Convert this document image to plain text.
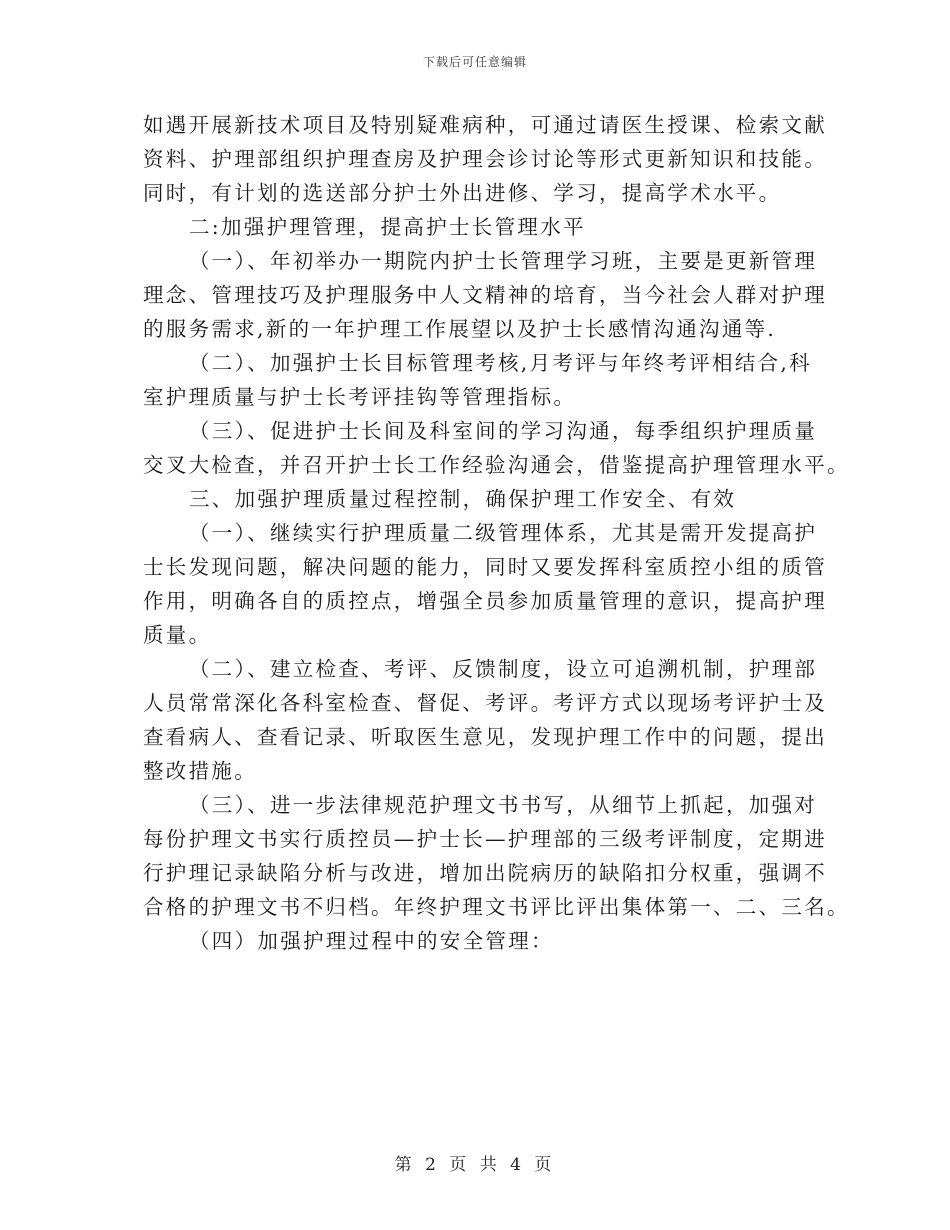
下载后可任意编辑
如遇开展新技术项目及特别疑难病种，可通过请医生授课、检索文献
资料、护理部组织护理查房及护理会诊讨论等形式更新知识和技能。
同时，有计划的选送部分护士外出进修、学习，提高学术水平。
二:加强护理管理，提高护士长管理水平
（一）、年初举办一期院内护士长管理学习班，主要是更新管理
理念、管理技巧及护理服务中人文精神的培育，当今社会人群对护理
的服务需求,新的一年护理工作展望以及护士长感情沟通沟通等.
（二）、加强护士长目标管理考核,月考评与年终考评相结合,科
室护理质量与护士长考评挂钩等管理指标。
（三）、促进护士长间及科室间的学习沟通，每季组织护理质量
交叉大检查，并召开护士长工作经验沟通会，借鉴提高护理管理水平。
三、加强护理质量过程控制，确保护理工作安全、有效
（一）、继续实行护理质量二级管理体系，尤其是需开发提高护
士长发现问题，解决问题的能力，同时又要发挥科室质控小组的质管
作用，明确各自的质控点，增强全员参加质量管理的意识，提高护理
质量。
（二）、建立检查、考评、反馈制度，设立可追溯机制，护理部
人员常常深化各科室检查、督促、考评。考评方式以现场考评护士及
查看病人、查看记录、听取医生意见，发现护理工作中的问题，提出
整改措施。
（三）、进一步法律规范护理文书书写，从细节上抓起，加强对
每份护理文书实行质控员—护士长—护理部的三级考评制度，定期进
行护理记录缺陷分析与改进，增加出院病历的缺陷扣分权重，强调不
合格的护理文书不归档。年终护理文书评比评出集体第一、二、三名。
（四）加强护理过程中的安全管理：
第 2 页 共 4 页
